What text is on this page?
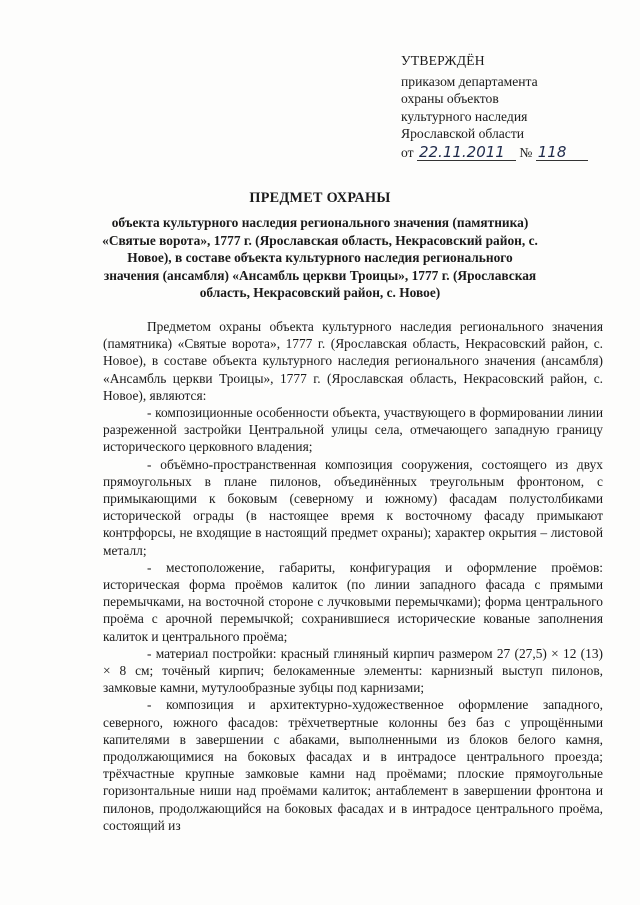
УТВЕРЖДЁН
приказом департамента
охраны объектов
культурного наследия
Ярославской области
от 22.11.2011 № 118
ПРЕДМЕТ ОХРАНЫ
объекта культурного наследия регионального значения (памятника) «Святые ворота», 1777 г. (Ярославская область, Некрасовский район, с. Новое), в составе объекта культурного наследия регионального значения (ансамбля) «Ансамбль церкви Троицы», 1777 г. (Ярославская область, Некрасовский район, с. Новое)

Предметом охраны объекта культурного наследия регионального значения (памятника) «Святые ворота», 1777 г. (Ярославская область, Некрасовский район, с. Новое), в составе объекта культурного наследия регионального значения (ансамбля) «Ансамбль церкви Троицы», 1777 г. (Ярославская область, Некрасовский район, с. Новое), являются:

- композиционные особенности объекта, участвующего в формировании линии разреженной застройки Центральной улицы села, отмечающего западную границу исторического церковного владения;

- объёмно-пространственная композиция сооружения, состоящего из двух прямоугольных в плане пилонов, объединённых треугольным фронтоном, с примыкающими к боковым (северному и южному) фасадам полустолбиками исторической ограды (в настоящее время к восточному фасаду примыкают контрфорсы, не входящие в настоящий предмет охраны); характер окрытия – листовой металл;

- местоположение, габариты, конфигурация и оформление проёмов: историческая форма проёмов калиток (по линии западного фасада с прямыми перемычками, на восточной стороне с лучковыми перемычками); форма центрального проёма с арочной перемычкой; сохранившиеся исторические кованые заполнения калиток и центрального проёма;

- материал постройки: красный глиняный кирпич размером 27 (27,5) × 12 (13) × 8 см; точёный кирпич; белокаменные элементы: карнизный выступ пилонов, замковые камни, мутулообразные зубцы под карнизами;

- композиция и архитектурно-художественное оформление западного, северного, южного фасадов: трёхчетвертные колонны без баз с упрощёнными капителями в завершении с абаками, выполненными из блоков белого камня, продолжающимися на боковых фасадах и в интрадосе центрального проезда; трёхчастные крупные замковые камни над проёмами; плоские прямоугольные горизонтальные ниши над проёмами калиток; антаблемент в завершении фронтона и пилонов, продолжающийся на боковых фасадах и в интрадосе центрального проёма, состоящий из
